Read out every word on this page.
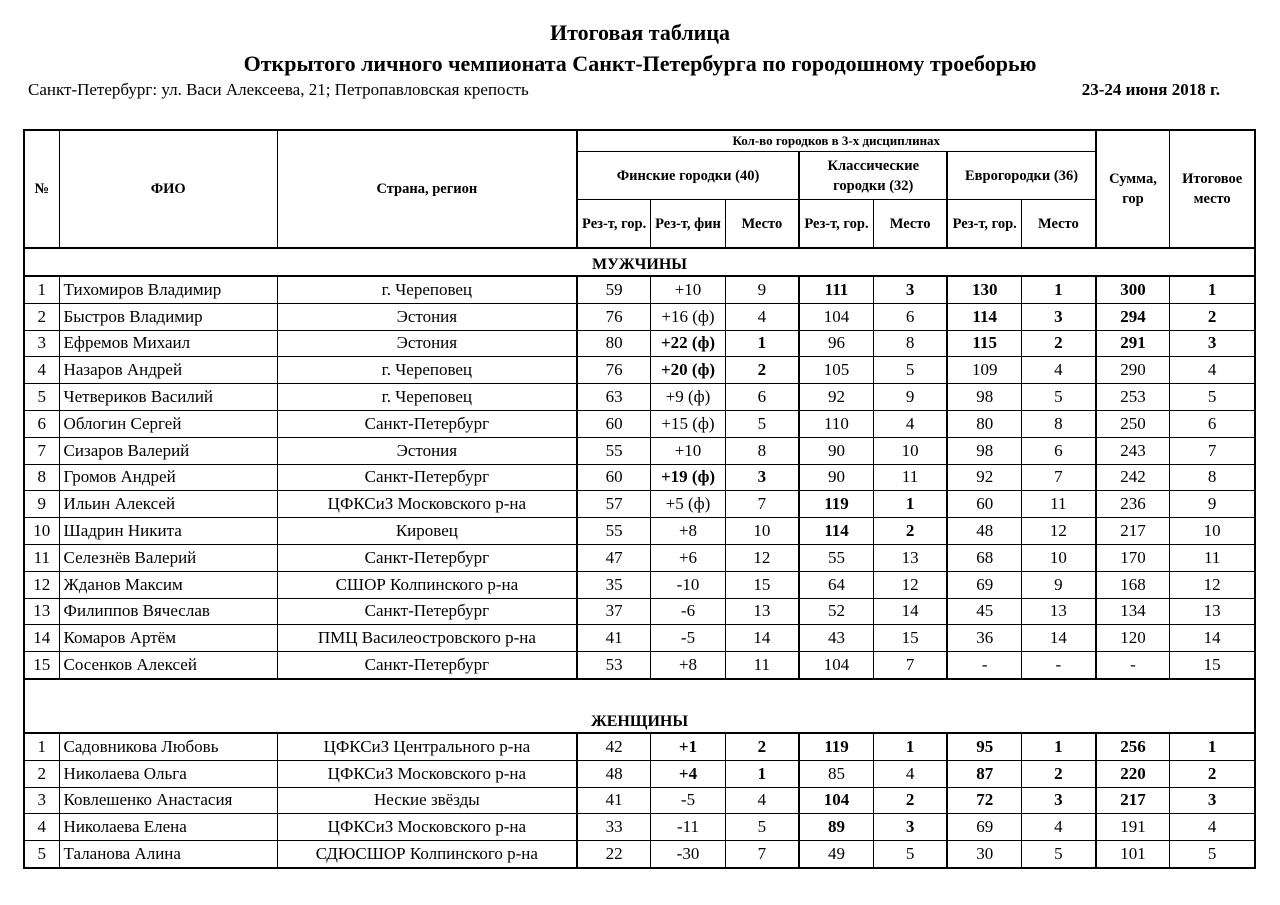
Итоговая таблица
Открытого личного чемпионата Санкт-Петербурга по городошному троеборью
Санкт-Петербург: ул. Васи Алексеева, 21; Петропавловская крепость	23-24 июня 2018 г.
№	ФИО	Страна, регион	Кол-во городков в 3-х дисциплинах							Сумма, гор	Итоговое место
			Финские городки (40)			Классические городки (32)		Еврогородки (36)			
			Рез-т, гор.	Рез-т, фин	Место	Рез-т, гор.	Место	Рез-т, гор.	Место		
МУЖЧИНЫ											
1	Тихомиров Владимир	г. Череповец	59	+10	9	111	3	130	1	300	1
2	Быстров Владимир	Эстония	76	+16 (ф)	4	104	6	114	3	294	2
3	Ефремов Михаил	Эстония	80	+22 (ф)	1	96	8	115	2	291	3
4	Назаров Андрей	г. Череповец	76	+20 (ф)	2	105	5	109	4	290	4
5	Четвериков Василий	г. Череповец	63	+9 (ф)	6	92	9	98	5	253	5
6	Облогин Сергей	Санкт-Петербург	60	+15 (ф)	5	110	4	80	8	250	6
7	Сизаров Валерий	Эстония	55	+10	8	90	10	98	6	243	7
8	Громов Андрей	Санкт-Петербург	60	+19 (ф)	3	90	11	92	7	242	8
9	Ильин Алексей	ЦФКСиЗ Московского р-на	57	+5 (ф)	7	119	1	60	11	236	9
10	Шадрин Никита	Кировец	55	+8	10	114	2	48	12	217	10
11	Селезнёв Валерий	Санкт-Петербург	47	+6	12	55	13	68	10	170	11
12	Жданов Максим	СШОР Колпинского р-на	35	-10	15	64	12	69	9	168	12
13	Филиппов Вячеслав	Санкт-Петербург	37	-6	13	52	14	45	13	134	13
14	Комаров Артём	ПМЦ Василеостровского р-на	41	-5	14	43	15	36	14	120	14
15	Сосенков Алексей	Санкт-Петербург	53	+8	11	104	7	-	-	-	15
ЖЕНЩИНЫ											
1	Садовникова Любовь	ЦФКСиЗ Центрального р-на	42	+1	2	119	1	95	1	256	1
2	Николаева Ольга	ЦФКСиЗ Московского р-на	48	+4	1	85	4	87	2	220	2
3	Ковлешенко Анастасия	Неские звёзды	41	-5	4	104	2	72	3	217	3
4	Николаева Елена	ЦФКСиЗ Московского р-на	33	-11	5	89	3	69	4	191	4
5	Таланова Алина	СДЮСШОР Колпинского р-на	22	-30	7	49	5	30	5	101	5
